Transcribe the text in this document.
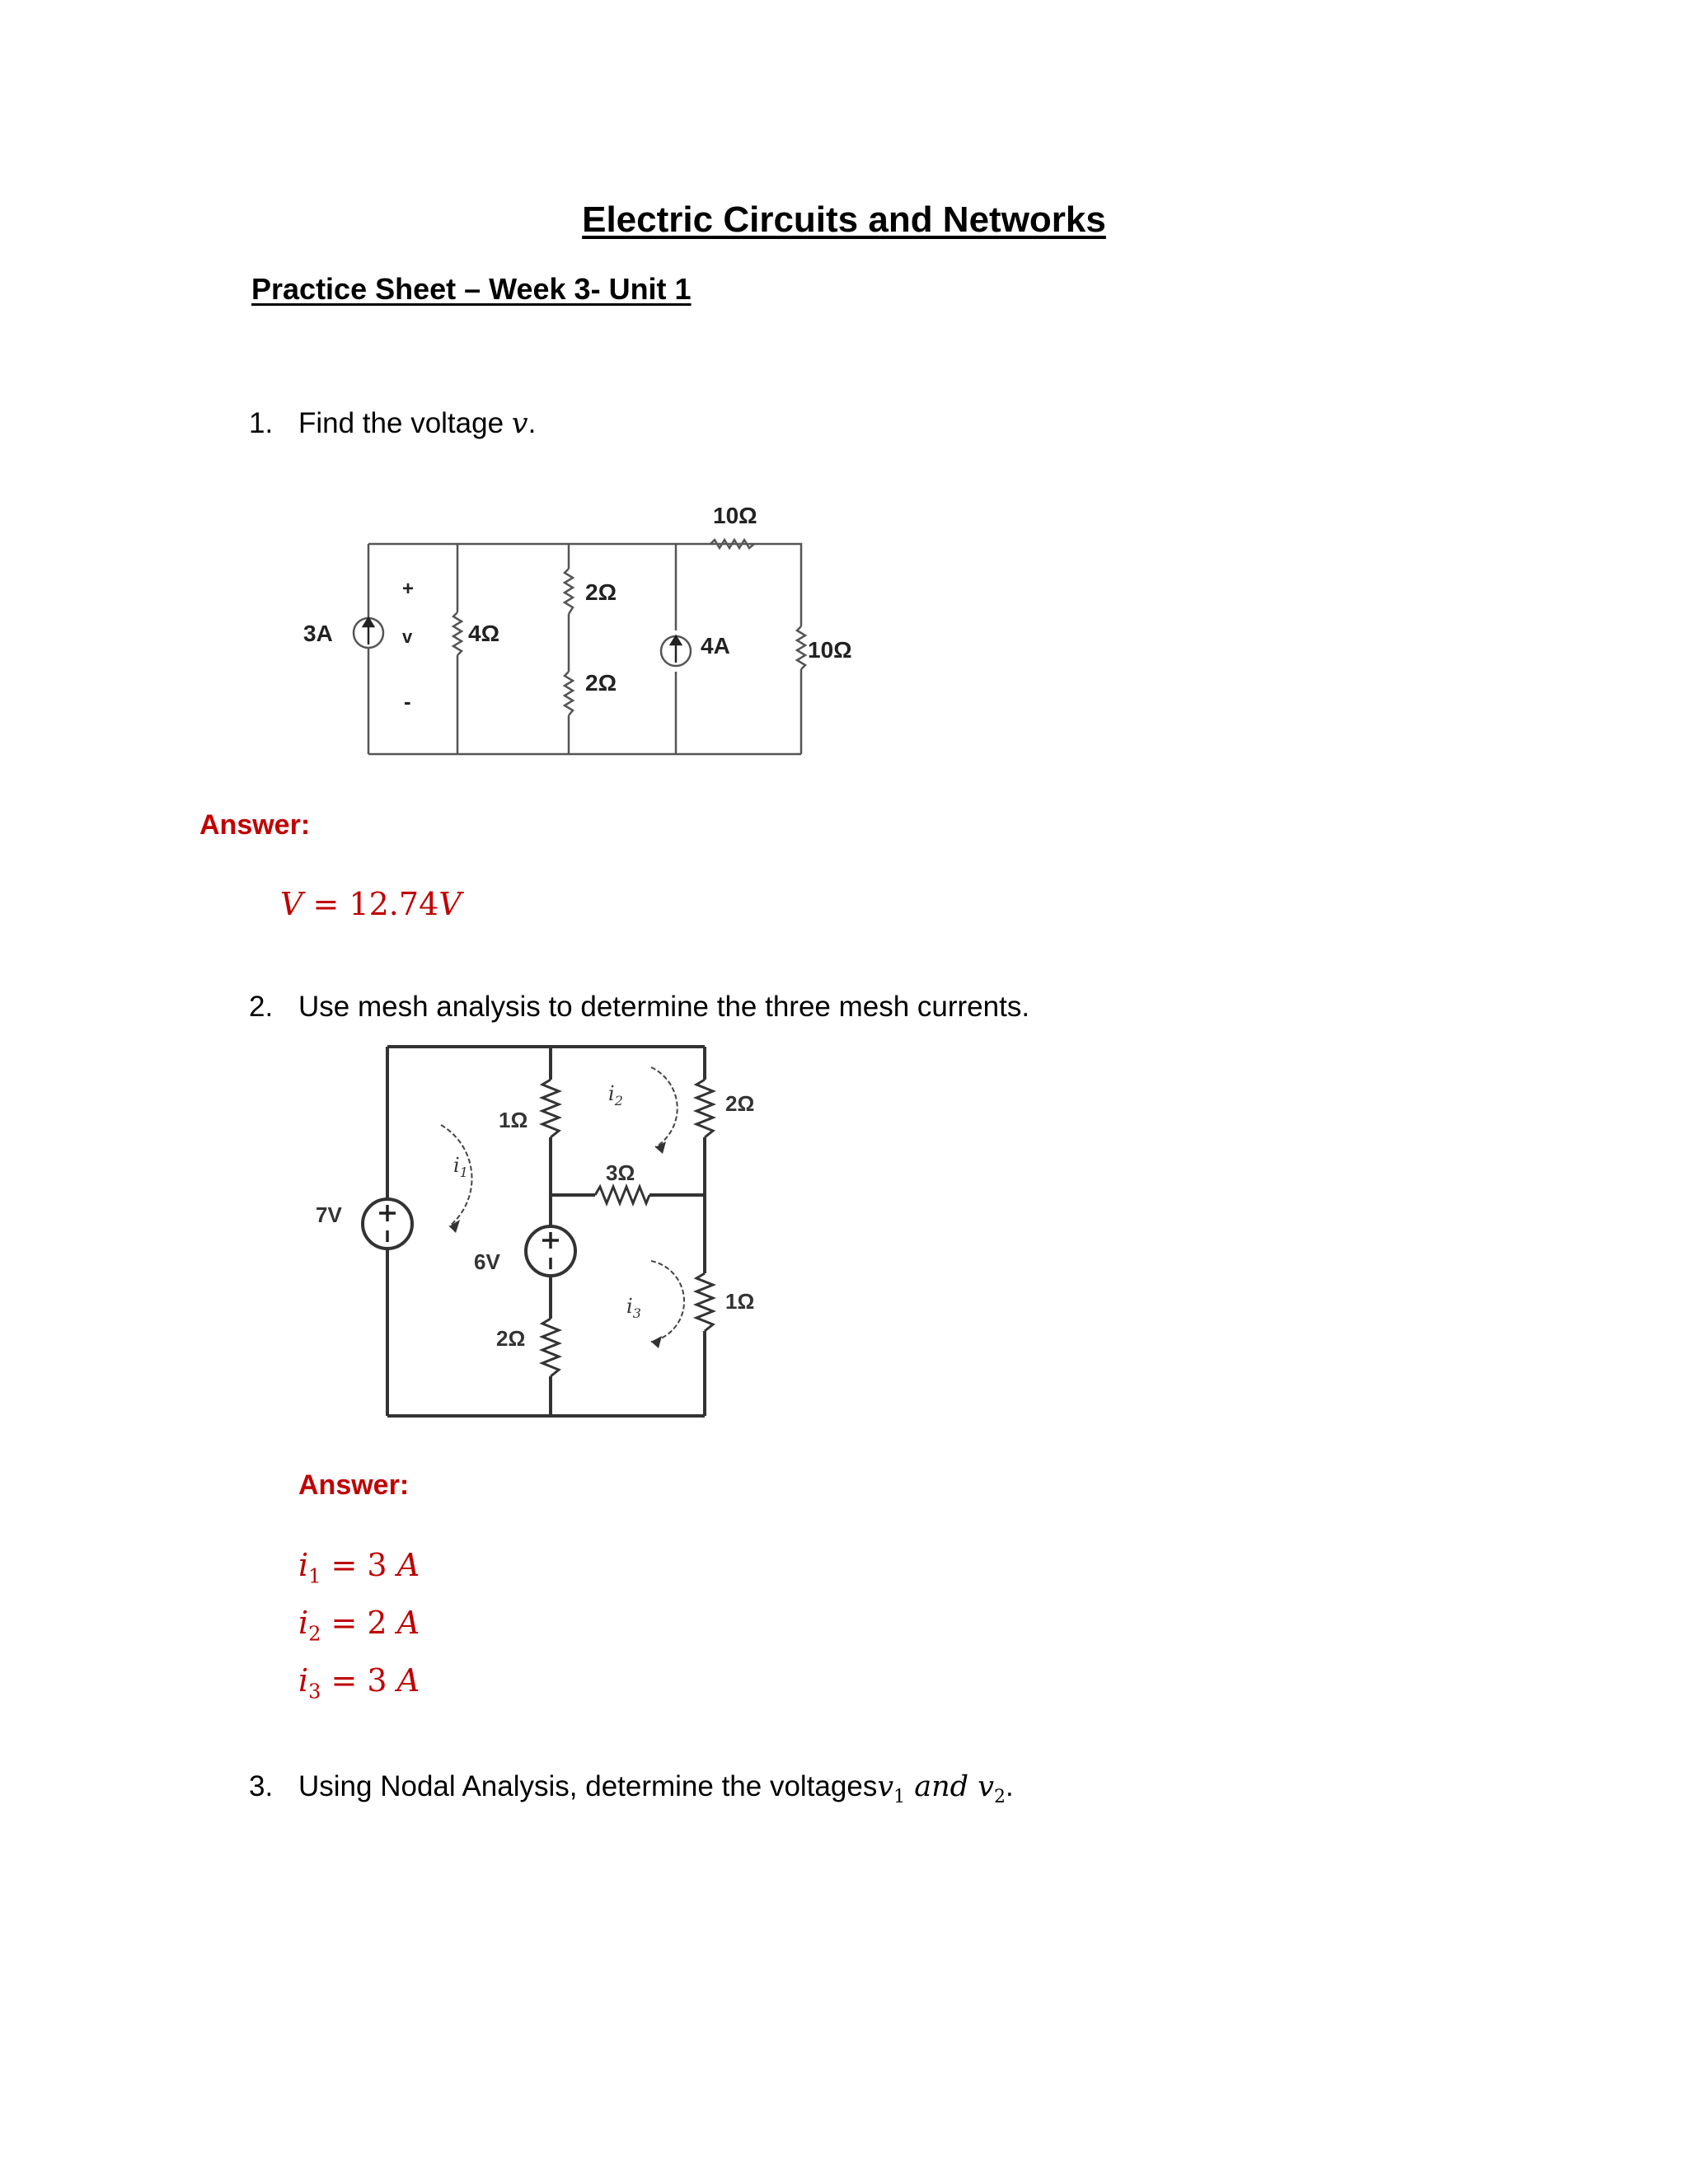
Electric Circuits and Networks
Practice Sheet – Week 3- Unit 1
1. Find the voltage v.
3A
+
v
-
4Ω
2Ω
2Ω
4A
10Ω
10Ω
Answer:
V = 12.74V
2. Use mesh analysis to determine the three mesh currents.
7V
6V
1Ω
2Ω
3Ω
2Ω
1Ω
$i_1$
$i_2$
$i_3$
Answer:
$i_1 = 3$ A
$i_2 = 2$ A
$i_3 = 3$ A
3. Using Nodal Analysis, determine the voltagesv$_1$ and $v_2$.
